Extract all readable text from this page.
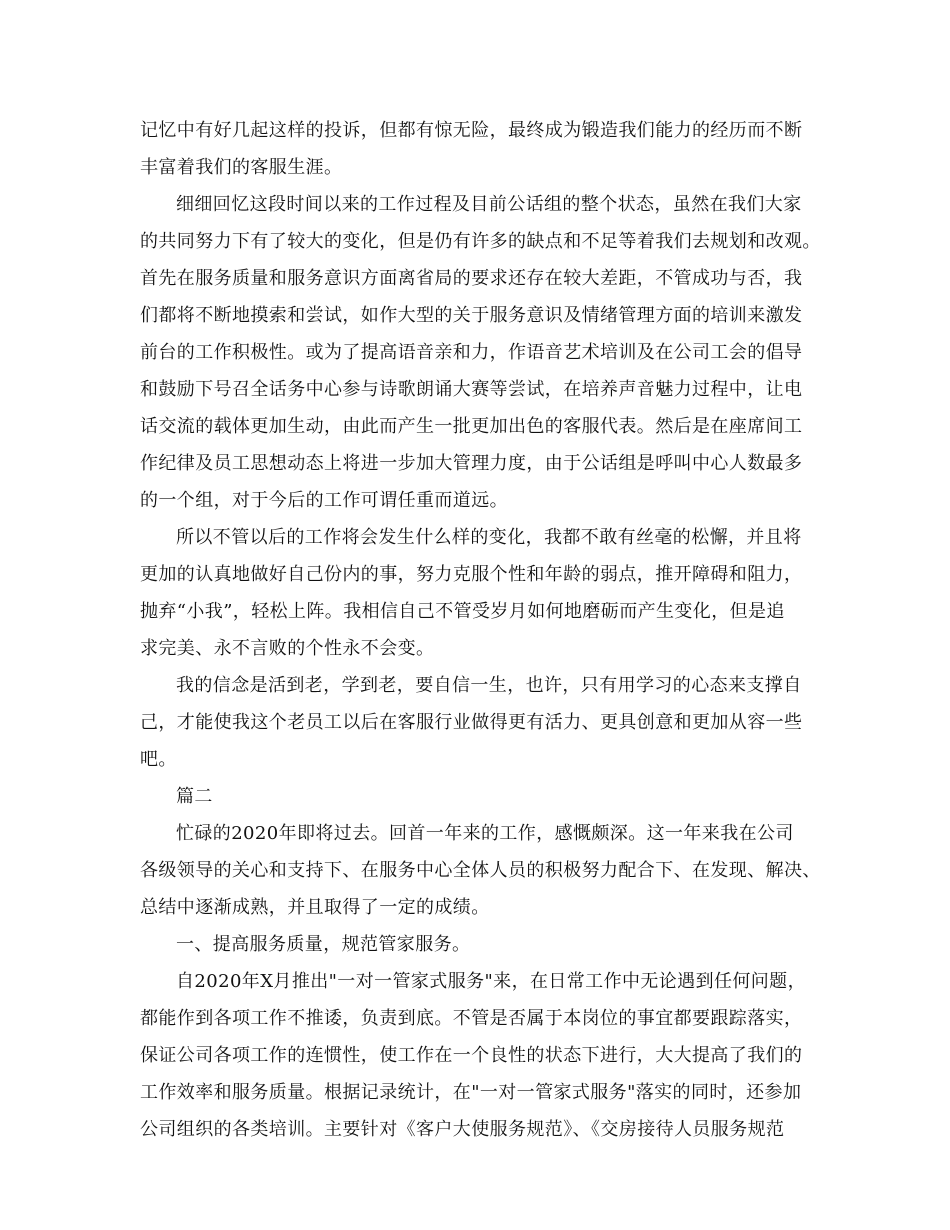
记忆中有好几起这样的投诉，但都有惊无险，最终成为锻造我们能力的经历而不断
丰富着我们的客服生涯。
细细回忆这段时间以来的工作过程及目前公话组的整个状态，虽然在我们大家
的共同努力下有了较大的变化，但是仍有许多的缺点和不足等着我们去规划和改观。
首先在服务质量和服务意识方面离省局的要求还存在较大差距，不管成功与否，我
们都将不断地摸索和尝试，如作大型的关于服务意识及情绪管理方面的培训来激发
前台的工作积极性。或为了提高语音亲和力，作语音艺术培训及在公司工会的倡导
和鼓励下号召全话务中心参与诗歌朗诵大赛等尝试，在培养声音魅力过程中，让电
话交流的载体更加生动，由此而产生一批更加出色的客服代表。然后是在座席间工
作纪律及员工思想动态上将进一步加大管理力度，由于公话组是呼叫中心人数最多
的一个组，对于今后的工作可谓任重而道远。
所以不管以后的工作将会发生什么样的变化，我都不敢有丝毫的松懈，并且将
更加的认真地做好自己份内的事，努力克服个性和年龄的弱点，推开障碍和阻力，
抛弃“小我”，轻松上阵。我相信自己不管受岁月如何地磨砺而产生变化，但是追
求完美、永不言败的个性永不会变。
我的信念是活到老，学到老，要自信一生，也许，只有用学习的心态来支撑自
己，才能使我这个老员工以后在客服行业做得更有活力、更具创意和更加从容一些
吧。
篇二
忙碌的2020年即将过去。回首一年来的工作，感慨颇深。这一年来我在公司
各级领导的关心和支持下、在服务中心全体人员的积极努力配合下、在发现、解决、
总结中逐渐成熟，并且取得了一定的成绩。
一、提高服务质量，规范管家服务。
自2020年X月推出"一对一管家式服务"来，在日常工作中无论遇到任何问题，
都能作到各项工作不推诿，负责到底。不管是否属于本岗位的事宜都要跟踪落实，
保证公司各项工作的连惯性，使工作在一个良性的状态下进行，大大提高了我们的
工作效率和服务质量。根据记录统计，在"一对一管家式服务"落实的同时，还参加
公司组织的各类培训。主要针对《客户大使服务规范》、《交房接待人员服务规范
